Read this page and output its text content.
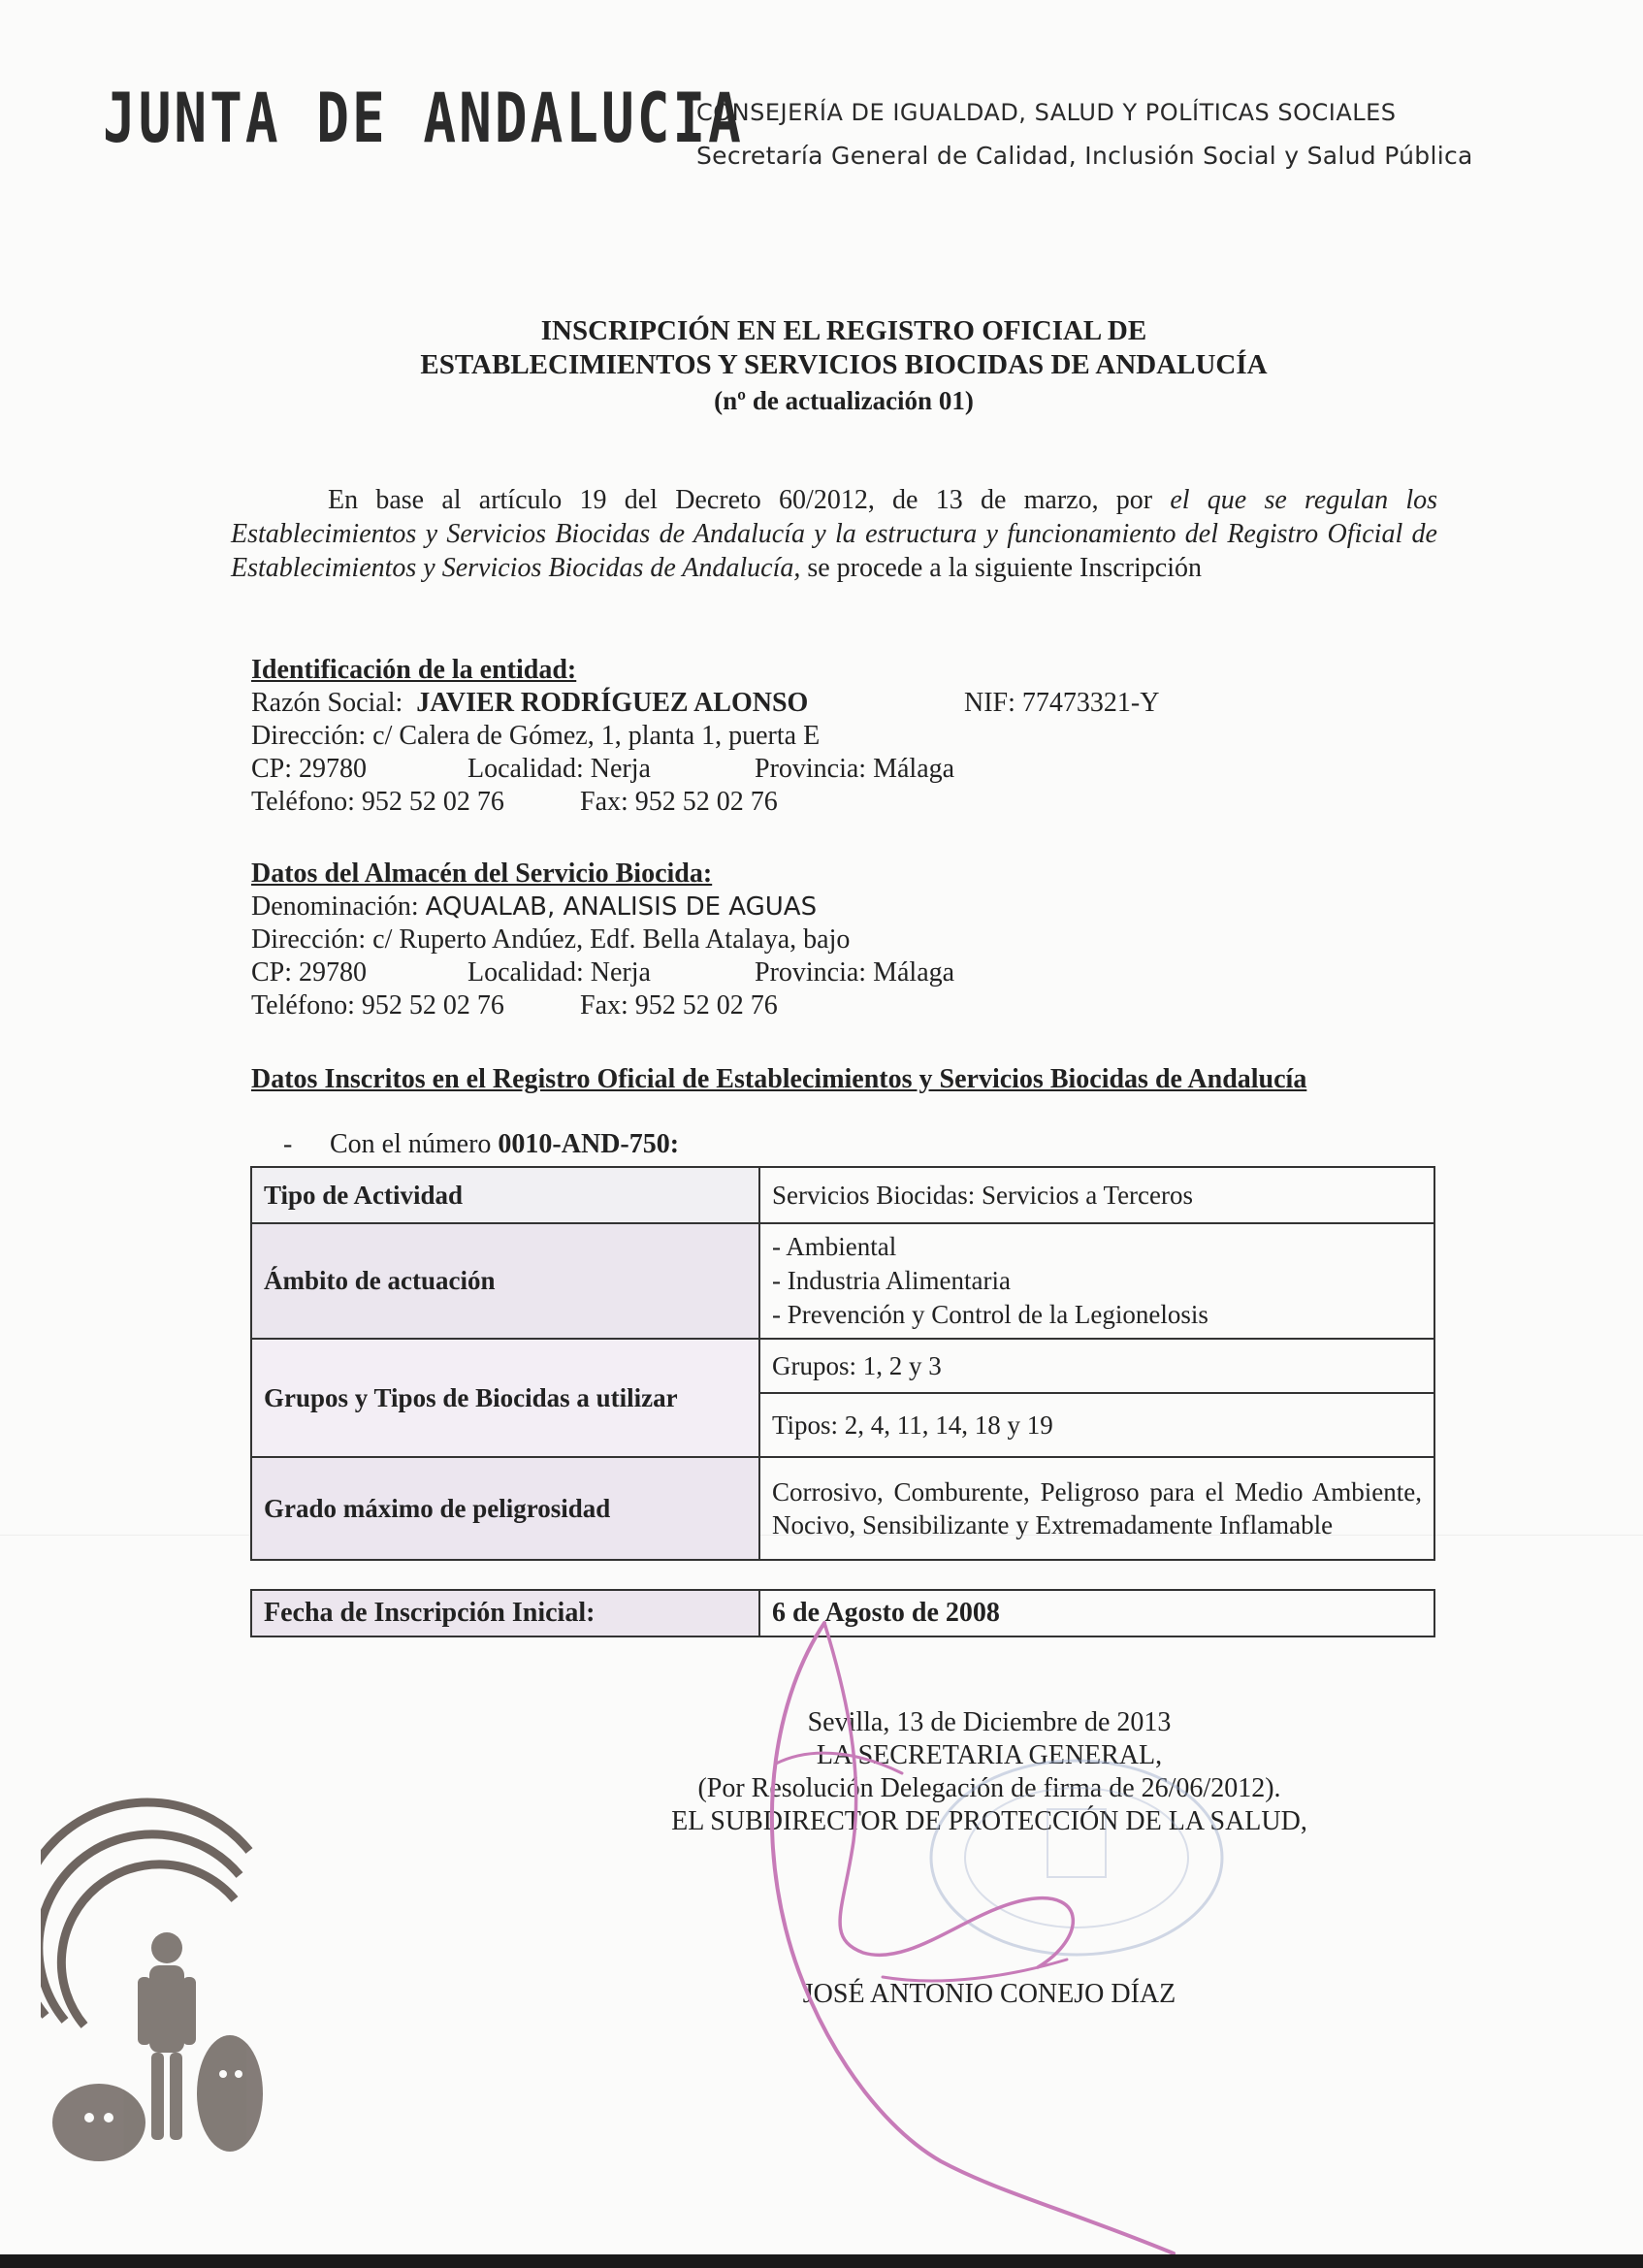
JUNTA DE ANDALUCIA
CONSEJERÍA DE IGUALDAD, SALUD Y POLÍTICAS SOCIALES
Secretaría General de Calidad, Inclusión Social y Salud Pública
INSCRIPCIÓN EN EL REGISTRO OFICIAL DE
ESTABLECIMIENTOS Y SERVICIOS BIOCIDAS DE ANDALUCÍA
(nº de actualización 01)
En base al artículo 19 del Decreto 60/2012, de 13 de marzo, por el que se regulan los Establecimientos y Servicios Biocidas de Andalucía y la estructura y funcionamiento del Registro Oficial de Establecimientos y Servicios Biocidas de Andalucía, se procede a la siguiente Inscripción
Identificación de la entidad:
Razón Social: JAVIER RODRÍGUEZ ALONSO	NIF: 77473321-Y
Dirección: c/ Calera de Gómez, 1, planta 1, puerta E
CP: 29780	Localidad: Nerja	Provincia: Málaga
Teléfono: 952 52 02 76	Fax: 952 52 02 76
Datos del Almacén del Servicio Biocida:
Denominación: AQUALAB, ANALISIS DE AGUAS
Dirección: c/ Ruperto Andúez, Edf. Bella Atalaya, bajo
CP: 29780	Localidad: Nerja	Provincia: Málaga
Teléfono: 952 52 02 76	Fax: 952 52 02 76
Datos Inscritos en el Registro Oficial de Establecimientos y Servicios Biocidas de Andalucía
- Con el número 0010-AND-750:
Tipo de Actividad	Servicios Biocidas: Servicios a Terceros
Ámbito de actuación	- Ambiental
- Industria Alimentaria
- Prevención y Control de la Legionelosis

Grupos y Tipos de Biocidas a utilizar	Grupos: 1, 2 y 3
	Tipos: 2, 4, 11, 14, 18 y 19
Grado máximo de peligrosidad	Corrosivo, Comburente, Peligroso para el Medio Ambiente, Nocivo, Sensibilizante y Extremadamente Inflamable
Fecha de Inscripción Inicial:	6 de Agosto de 2008
Sevilla, 13 de Diciembre de 2013
LA SECRETARIA GENERAL,
(Por Resolución Delegación de firma de 26/06/2012).
EL SUBDIRECTOR DE PROTECCIÓN DE LA SALUD,
JOSÉ ANTONIO CONEJO DÍAZ
